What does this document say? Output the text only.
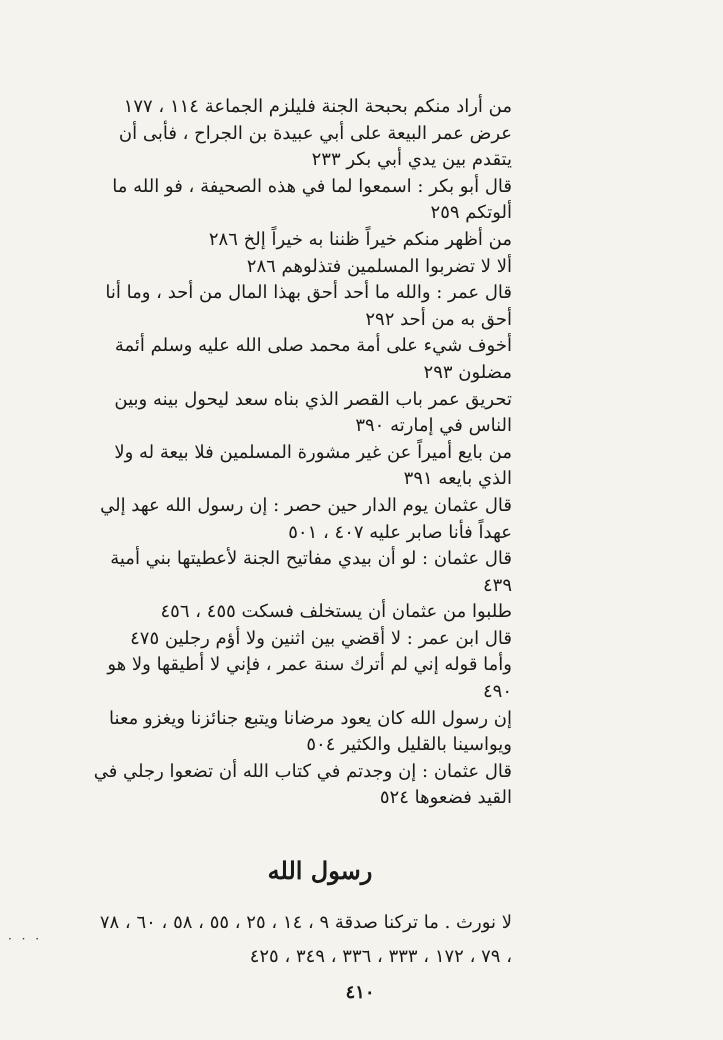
من أراد منكم بحبحة الجنة فليلزم الجماعة ١١٤ ، ١٧٧

عرض عمر البيعة على أبي عبيدة بن الجراح ، فأبى أن يتقدم بين يدي أبي بكر ٢٣٣

قال أبو بكر : اسمعوا لما في هذه الصحيفة ، فو الله ما ألوتكم ٢٥٩

من أظهر منكم خيراً ظننا به خيراً إلخ ٢٨٦

ألا لا تضربوا المسلمين فتذلوهم ٢٨٦

قال عمر : والله ما أحد أحق بهذا المال من أحد ، وما أنا أحق به من أحد ٢٩٢

أخوف شيء على أمة محمد صلى الله عليه وسلم أئمة مضلون ٢٩٣

تحريق عمر باب القصر الذي بناه سعد ليحول بينه وبين الناس في إمارته ٣٩٠

من بايع أميراً عن غير مشورة المسلمين فلا بيعة له ولا الذي بايعه ٣٩١

قال عثمان يوم الدار حين حصر : إن رسول الله عهد إلي عهداً فأنا صابر عليه ٤٠٧ ، ٥٠١

قال عثمان : لو أن بيدي مفاتيح الجنة لأعطيتها بني أمية ٤٣٩

طلبوا من عثمان أن يستخلف فسكت ٤٥٥ ، ٤٥٦

قال ابن عمر : لا أقضي بين اثنين ولا أؤم رجلين ٤٧٥

وأما قوله إني لم أترك سنة عمر ، فإني لا أطيقها ولا هو ٤٩٠

إن رسول الله كان يعود مرضانا ويتبع جنائزنا ويغزو معنا ويواسينا بالقليل والكثير ٥٠٤

قال عثمان : إن وجدتم في كتاب الله أن تضعوا رجلي في القيد فضعوها ٥٢٤

رسول الله
لا نورث . ما تركنا صدقة ٩ ، ١٤ ، ٢٥ ، ٥٥ ، ٥٨ ، ٦٠ ، ٧٨ ، ٧٩ ، ١٧٢ ، ٣٣٣ ، ٣٣٦ ، ٣٤٩ ، ٤٢٥
٤١٠
· · ·
